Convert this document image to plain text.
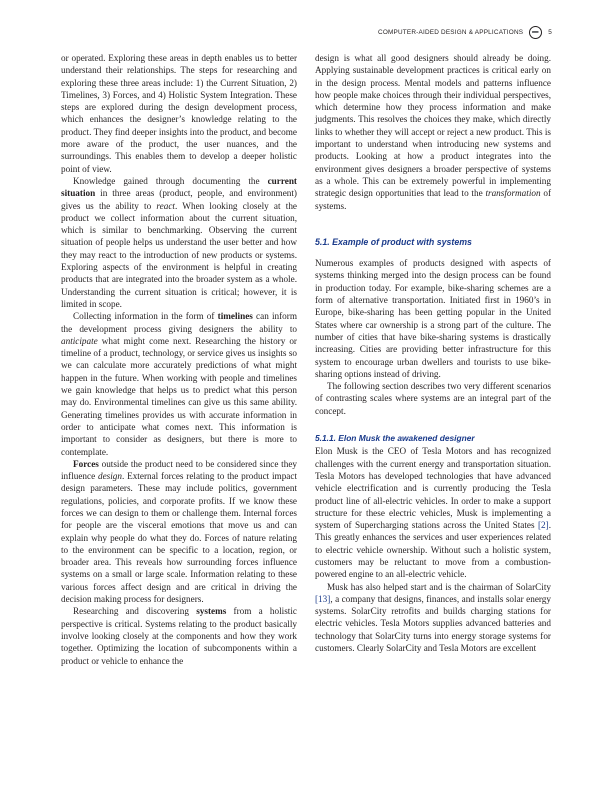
COMPUTER-AIDED DESIGN & APPLICATIONS	➖	5

or operated. Exploring these areas in depth enables us to better understand their relationships. The steps for researching and exploring these three areas include: 1) the Current Situation, 2) Timelines, 3) Forces, and 4) Holistic System Integration. These steps are explored during the design development process, which enhances the designer’s knowledge relating to the product. They find deeper insights into the product, and become more aware of the product, the user nuances, and the surroundings. This enables them to develop a deeper holistic point of view.

Knowledge gained through documenting the current situation in three areas (product, people, and environment) gives us the ability to react. When looking closely at the product we collect information about the current situation, which is similar to benchmarking. Observing the current situation of people helps us understand the user better and how they may react to the introduction of new products or systems. Exploring aspects of the environment is helpful in creating products that are integrated into the broader system as a whole. Understanding the current situation is critical; however, it is limited in scope.

Collecting information in the form of timelines can inform the development process giving designers the ability to anticipate what might come next. Researching the history or timeline of a product, technology, or service gives us insights so we can calculate more accurately predictions of what might happen in the future. When working with people and timelines we gain knowledge that helps us to predict what this person may do. Environmental timelines can give us this same ability. Generating timelines provides us with accurate information in order to anticipate what comes next. This information is important to consider as designers, but there is more to contemplate.

Forces outside the product need to be considered since they influence design. External forces relating to the product impact design parameters. These may include politics, government regulations, policies, and corporate profits. If we know these forces we can design to them or challenge them. Internal forces for people are the visceral emotions that move us and can explain why people do what they do. Forces of nature relating to the environment can be specific to a location, region, or broader area. This reveals how surrounding forces influence systems on a small or large scale. Information relating to these various forces affect design and are critical in driving the decision making process for designers.

Researching and discovering systems from a holistic perspective is critical. Systems relating to the product basically involve looking closely at the components and how they work together. Optimizing the location of subcomponents within a product or vehicle to enhance the

design is what all good designers should already be doing. Applying sustainable development practices is critical early on in the design process. Mental models and patterns influence how people make choices through their individual perspectives, which determine how they process information and make judgments. This resolves the choices they make, which directly links to whether they will accept or reject a new product. This is important to understand when introducing new systems and products. Looking at how a product integrates into the environment gives designers a broader perspective of systems as a whole. This can be extremely powerful in implementing strategic design opportunities that lead to the transformation of systems.

5.1. Example of product with systems

Numerous examples of products designed with aspects of systems thinking merged into the design process can be found in production today. For example, bike-sharing schemes are a form of alternative transportation. Initiated first in 1960’s in Europe, bike-sharing has been getting popular in the United States where car ownership is a strong part of the culture. The number of cities that have bike-sharing systems is drastically increasing. Cities are providing better infrastructure for this system to encourage urban dwellers and tourists to use bike-sharing options instead of driving.

The following section describes two very different scenarios of contrasting scales where systems are an integral part of the concept.

5.1.1. Elon Musk the awakened designer

Elon Musk is the CEO of Tesla Motors and has recognized challenges with the current energy and transportation situation. Tesla Motors has developed technologies that have advanced vehicle electrification and is currently producing the Tesla product line of all-electric vehicles. In order to make a support structure for these electric vehicles, Musk is implementing a system of Supercharging stations across the United States [2]. This greatly enhances the services and user experiences related to electric vehicle ownership. Without such a holistic system, customers may be reluctant to move from a combustion-powered engine to an all-electric vehicle.

Musk has also helped start and is the chairman of SolarCity [13], a company that designs, finances, and installs solar energy systems. SolarCity retrofits and builds charging stations for electric vehicles. Tesla Motors supplies advanced batteries and technology that SolarCity turns into energy storage systems for customers. Clearly SolarCity and Tesla Motors are excellent
